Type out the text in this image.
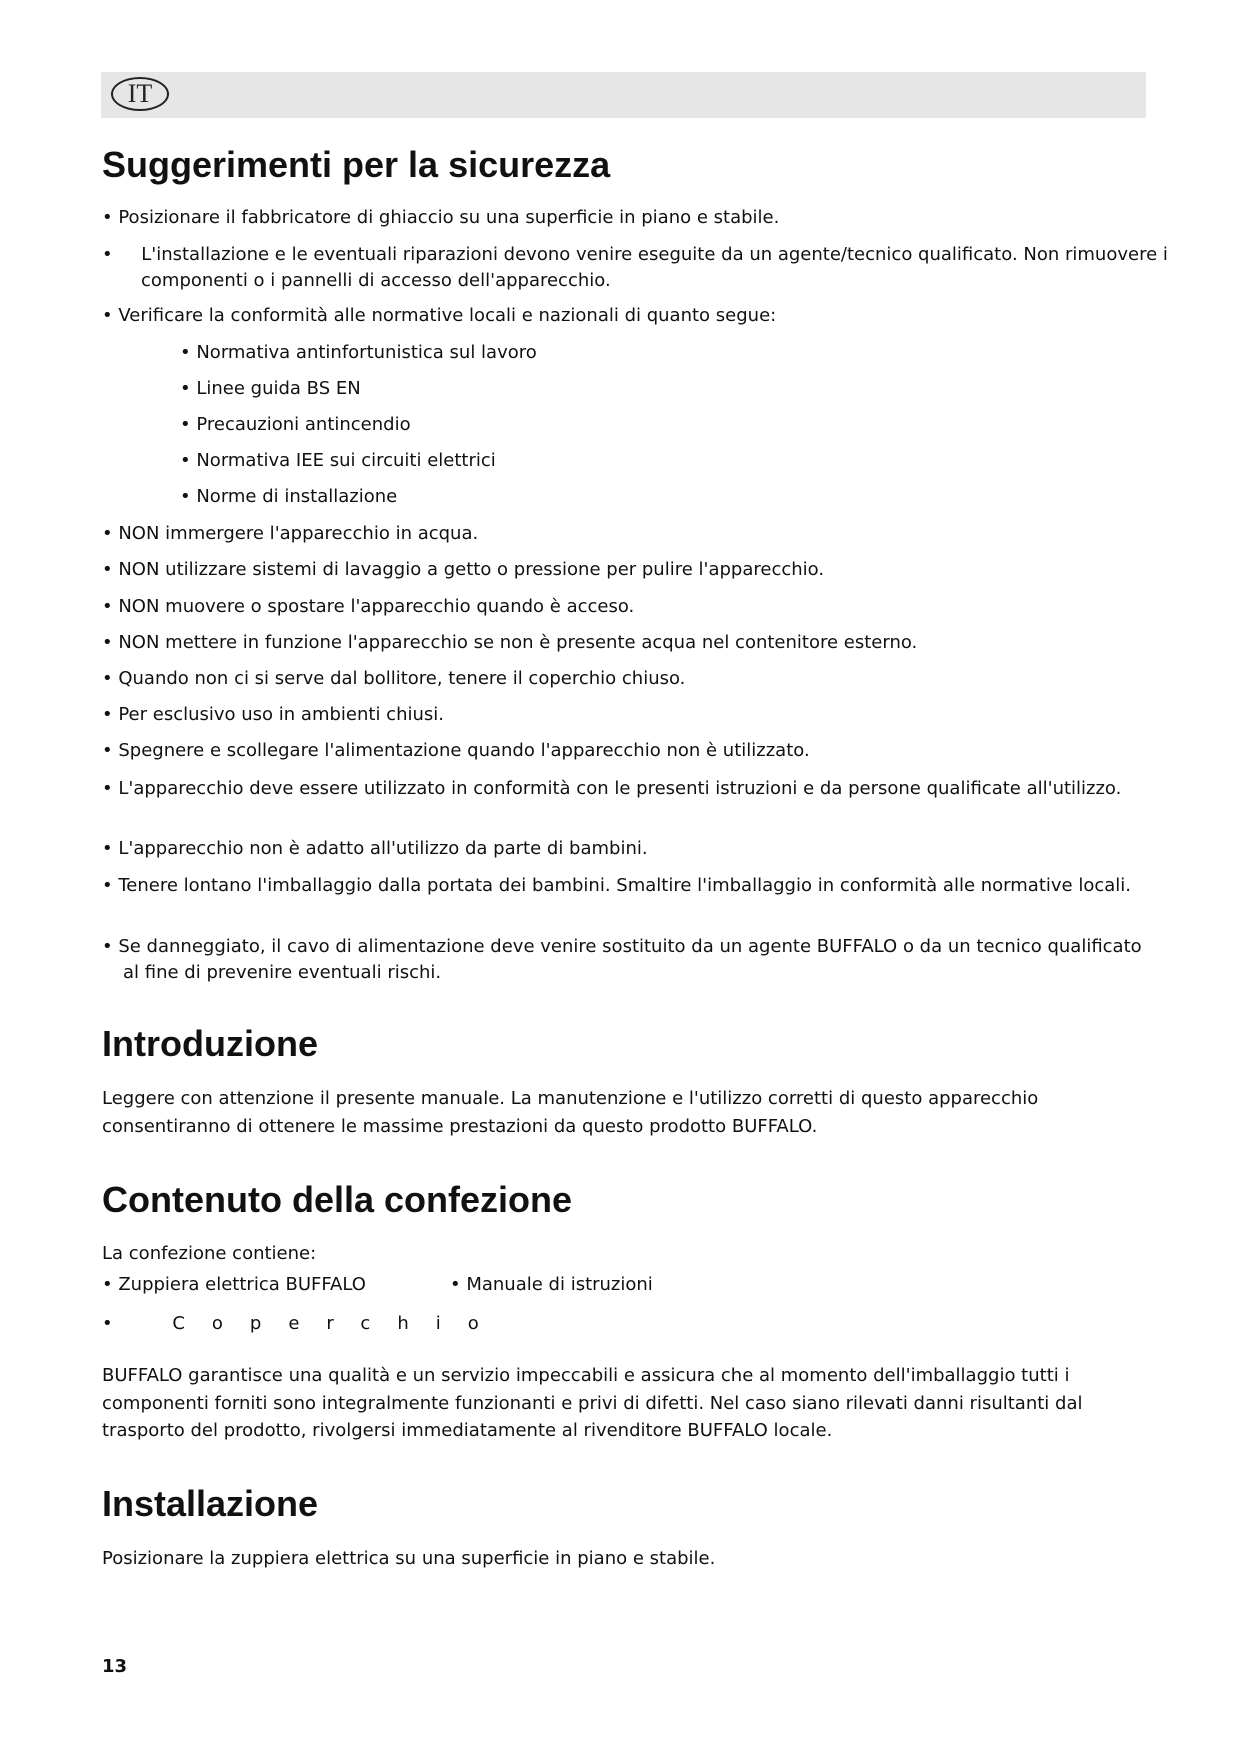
IT
Suggerimenti per la sicurezza
• Posizionare il fabbricatore di ghiaccio su una superficie in piano e stabile.
•     L'installazione e le eventuali riparazioni devono venire eseguite da un agente/tecnico qualificato. Non rimuovere i componenti o i pannelli di accesso dell'apparecchio.
• Verificare la conformità alle normative locali e nazionali di quanto segue:
• Normativa antinfortunistica sul lavoro
• Linee guida BS EN
• Precauzioni antincendio
• Normativa IEE sui circuiti elettrici
• Norme di installazione
• NON immergere l'apparecchio in acqua.
• NON utilizzare sistemi di lavaggio a getto o pressione per pulire l'apparecchio.
• NON muovere o spostare l'apparecchio quando è acceso.
• NON mettere in funzione l'apparecchio se non è presente acqua nel contenitore esterno.
• Quando non ci si serve dal bollitore, tenere il coperchio chiuso.
• Per esclusivo uso in ambienti chiusi.
• Spegnere e scollegare l'alimentazione quando l'apparecchio non è utilizzato.
• L'apparecchio deve essere utilizzato in conformità con le presenti istruzioni e da persone qualificate all'utilizzo.
• L'apparecchio non è adatto all'utilizzo da parte di bambini.
• Tenere lontano l'imballaggio dalla portata dei bambini. Smaltire l'imballaggio in conformità alle normative locali.
• Se danneggiato, il cavo di alimentazione deve venire sostituito da un agente BUFFALO o da un tecnico qualificato al fine di prevenire eventuali rischi.
Introduzione
Leggere con attenzione il presente manuale. La manutenzione e l'utilizzo corretti di questo apparecchio consentiranno di ottenere le massime prestazioni da questo prodotto BUFFALO.
Contenuto della confezione
La confezione contiene:
• Zuppiera elettrica BUFFALO	• Manuale di istruzioni
• Coperchio
BUFFALO garantisce una qualità e un servizio impeccabili e assicura che al momento dell'imballaggio tutti i componenti forniti sono integralmente funzionanti e privi di difetti. Nel caso siano rilevati danni risultanti dal trasporto del prodotto, rivolgersi immediatamente al rivenditore BUFFALO locale.
Installazione
Posizionare la zuppiera elettrica su una superficie in piano e stabile.
13
